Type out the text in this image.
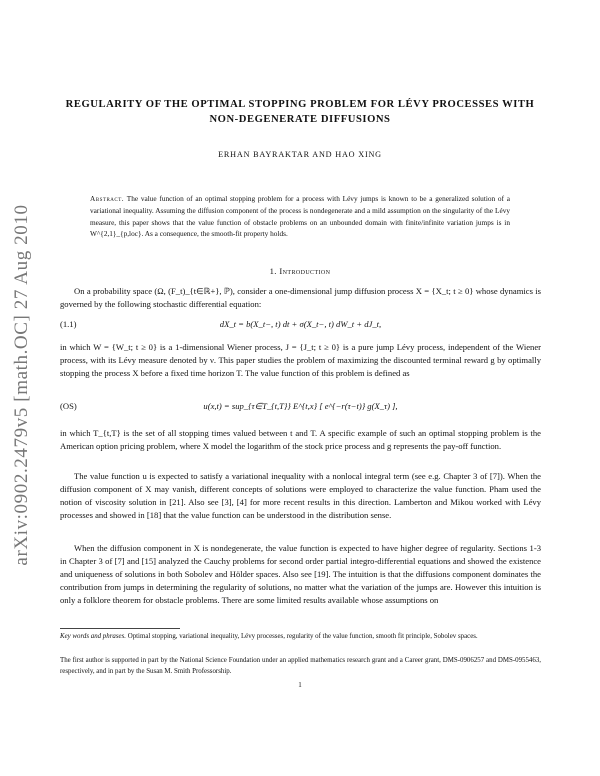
arXiv:0902.2479v5 [math.OC] 27 Aug 2010
REGULARITY OF THE OPTIMAL STOPPING PROBLEM FOR LÉVY PROCESSES WITH
NON-DEGENERATE DIFFUSIONS
ERHAN BAYRAKTAR AND HAO XING
Abstract. The value function of an optimal stopping problem for a process with Lévy jumps is known to be a generalized solution of a variational inequality. Assuming the diffusion component of the process is nondegenerate and a mild assumption on the singularity of the Lévy measure, this paper shows that the value function of obstacle problems on an unbounded domain with finite/infinite variation jumps is in W^{2,1}_{p,loc}. As a consequence, the smooth-fit property holds.
1. Introduction
On a probability space (Ω, (F_t)_{t∈ℝ+}, ℙ), consider a one-dimensional jump diffusion process X = {X_t; t ≥ 0} whose dynamics is governed by the following stochastic differential equation:
(1.1)	dX_t = b(X_t−, t) dt + σ(X_t−, t) dW_t + dJ_t,
in which W = {W_t; t ≥ 0} is a 1-dimensional Wiener process, J = {J_t; t ≥ 0} is a pure jump Lévy process, independent of the Wiener process, with its Lévy measure denoted by ν. This paper studies the problem of maximizing the discounted terminal reward g by optimally stopping the process X before a fixed time horizon T. The value function of this problem is defined as
(OS)	u(x,t) = sup_{τ∈T_{t,T}} E^{t,x} [ e^{−r(τ−t)} g(X_τ) ],
in which T_{t,T} is the set of all stopping times valued between t and T. A specific example of such an optimal stopping problem is the American option pricing problem, where X model the logarithm of the stock price process and g represents the pay-off function.
The value function u is expected to satisfy a variational inequality with a nonlocal integral term (see e.g. Chapter 3 of [7]). When the diffusion component of X may vanish, different concepts of solutions were employed to characterize the value function. Pham used the notion of viscosity solution in [21]. Also see [3], [4] for more recent results in this direction. Lamberton and Mikou worked with Lévy processes and showed in [18] that the value function can be understood in the distribution sense.
When the diffusion component in X is nondegenerate, the value function is expected to have higher degree of regularity. Sections 1-3 in Chapter 3 of [7] and [15] analyzed the Cauchy problems for second order partial integro-differential equations and showed the existence and uniqueness of solutions in both Sobolev and Hölder spaces. Also see [19]. The intuition is that the diffusions component dominates the contribution from jumps in determining the regularity of solutions, no matter what the variation of the jumps are. However this intuition is only a folklore theorem for obstacle problems. There are some limited results available whose assumptions on
Key words and phrases. Optimal stopping, variational inequality, Lévy processes, regularity of the value function, smooth fit principle, Sobolev spaces.
The first author is supported in part by the National Science Foundation under an applied mathematics research grant and a Career grant, DMS-0906257 and DMS-0955463, respectively, and in part by the Susan M. Smith Professorship.
1
